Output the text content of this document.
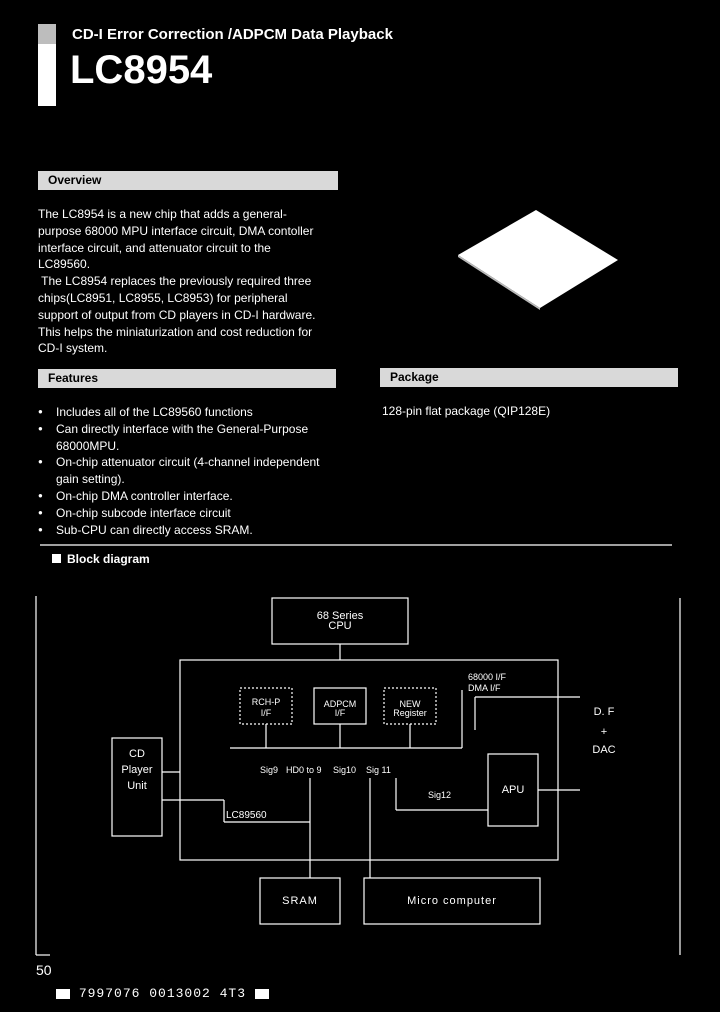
CD-I Error Correction /ADPCM Data Playback
LC8954
Overview
The LC8954 is a new chip that adds a general-
purpose 68000 MPU interface circuit, DMA contoller
interface circuit, and attenuator circuit to the
LC89560.
The LC8954 replaces the previously required three
chips(LC8951, LC8955, LC8953) for peripheral
support of output from CD players in CD-I hardware.
This helps the miniaturization and cost reduction for
CD-I system.
Features
● Includes all of the LC89560 functions
● Can directly interface with the General-Purpose 68000MPU.
● On-chip attenuator circuit (4-channel independent gain setting).
● On-chip DMA controller interface.
● On-chip subcode interface circuit
● Sub-CPU can directly access SRAM.
Package
128-pin flat package (QIP128E)
Block diagram
68 Series
CPU
RCH-P
I/F
ADPCM
I/F
NEW
Register
68000 I/F
DMA I/F
CD
Player
Unit
LC89560
Sig9 HD0 to 9 Sig10 Sig 11
Sig12	APU
D. F
+
DAC
SRAM	Micro computer
50
7997076 0013002 4T3
